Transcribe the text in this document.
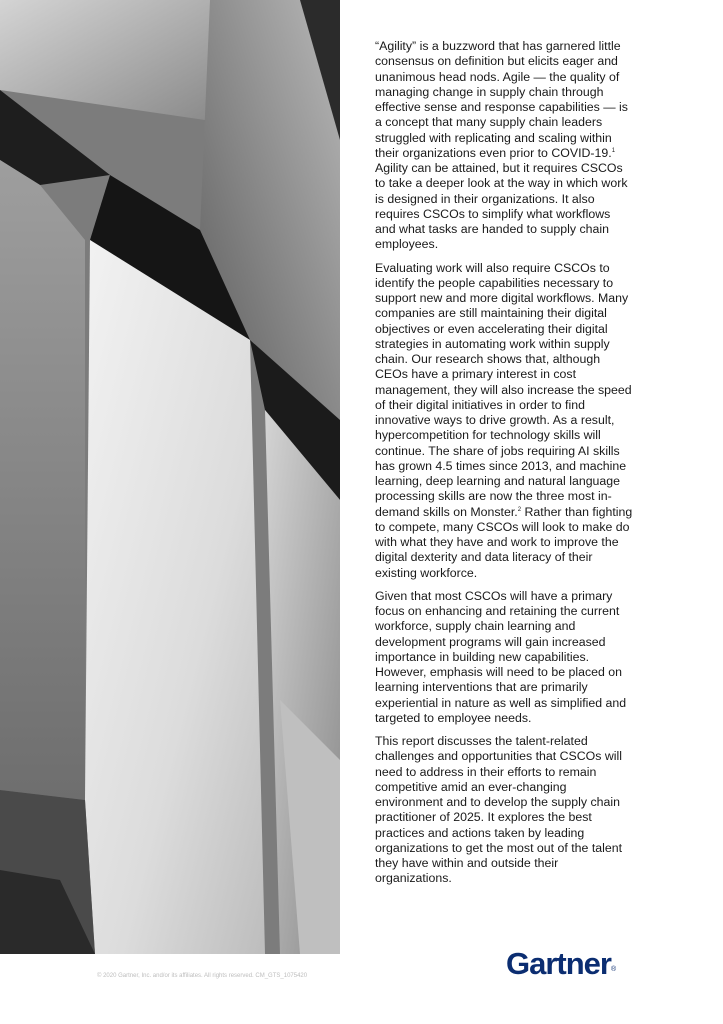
“Agility” is a buzzword that has garnered little consensus on definition but elicits eager and unanimous head nods. Agile — the quality of managing change in supply chain through effective sense and response capabilities — is a concept that many supply chain leaders struggled with replicating and scaling within their organizations even prior to COVID-19.$^1$ Agility can be attained, but it requires CSCOs to take a deeper look at the way in which work is designed in their organizations. It also requires CSCOs to simplify what workflows and what tasks are handed to supply chain employees.

Evaluating work will also require CSCOs to identify the people capabilities necessary to support new and more digital workflows. Many companies are still maintaining their digital objectives or even accelerating their digital strategies in automating work within supply chain. Our research shows that, although CEOs have a primary interest in cost management, they will also increase the speed of their digital initiatives in order to find innovative ways to drive growth. As a result, hypercompetition for technology skills will continue. The share of jobs requiring AI skills has grown 4.5 times since 2013, and machine learning, deep learning and natural language processing skills are now the three most in-demand skills on Monster.$^2$ Rather than fighting to compete, many CSCOs will look to make do with what they have and work to improve the digital dexterity and data literacy of their existing workforce.

Given that most CSCOs will have a primary focus on enhancing and retaining the current workforce, supply chain learning and development programs will gain increased importance in building new capabilities. However, emphasis will need to be placed on learning interventions that are primarily experiential in nature as well as simplified and targeted to employee needs.

This report discusses the talent-related challenges and opportunities that CSCOs will need to address in their efforts to remain competitive amid an ever-changing environment and to develop the supply chain practitioner of 2025. It explores the best practices and actions taken by leading organizations to get the most out of the talent they have within and outside their organizations.

© 2020 Gartner, Inc. and/or its affiliates. All rights reserved. CM_GTS_1075420	Gartner®
